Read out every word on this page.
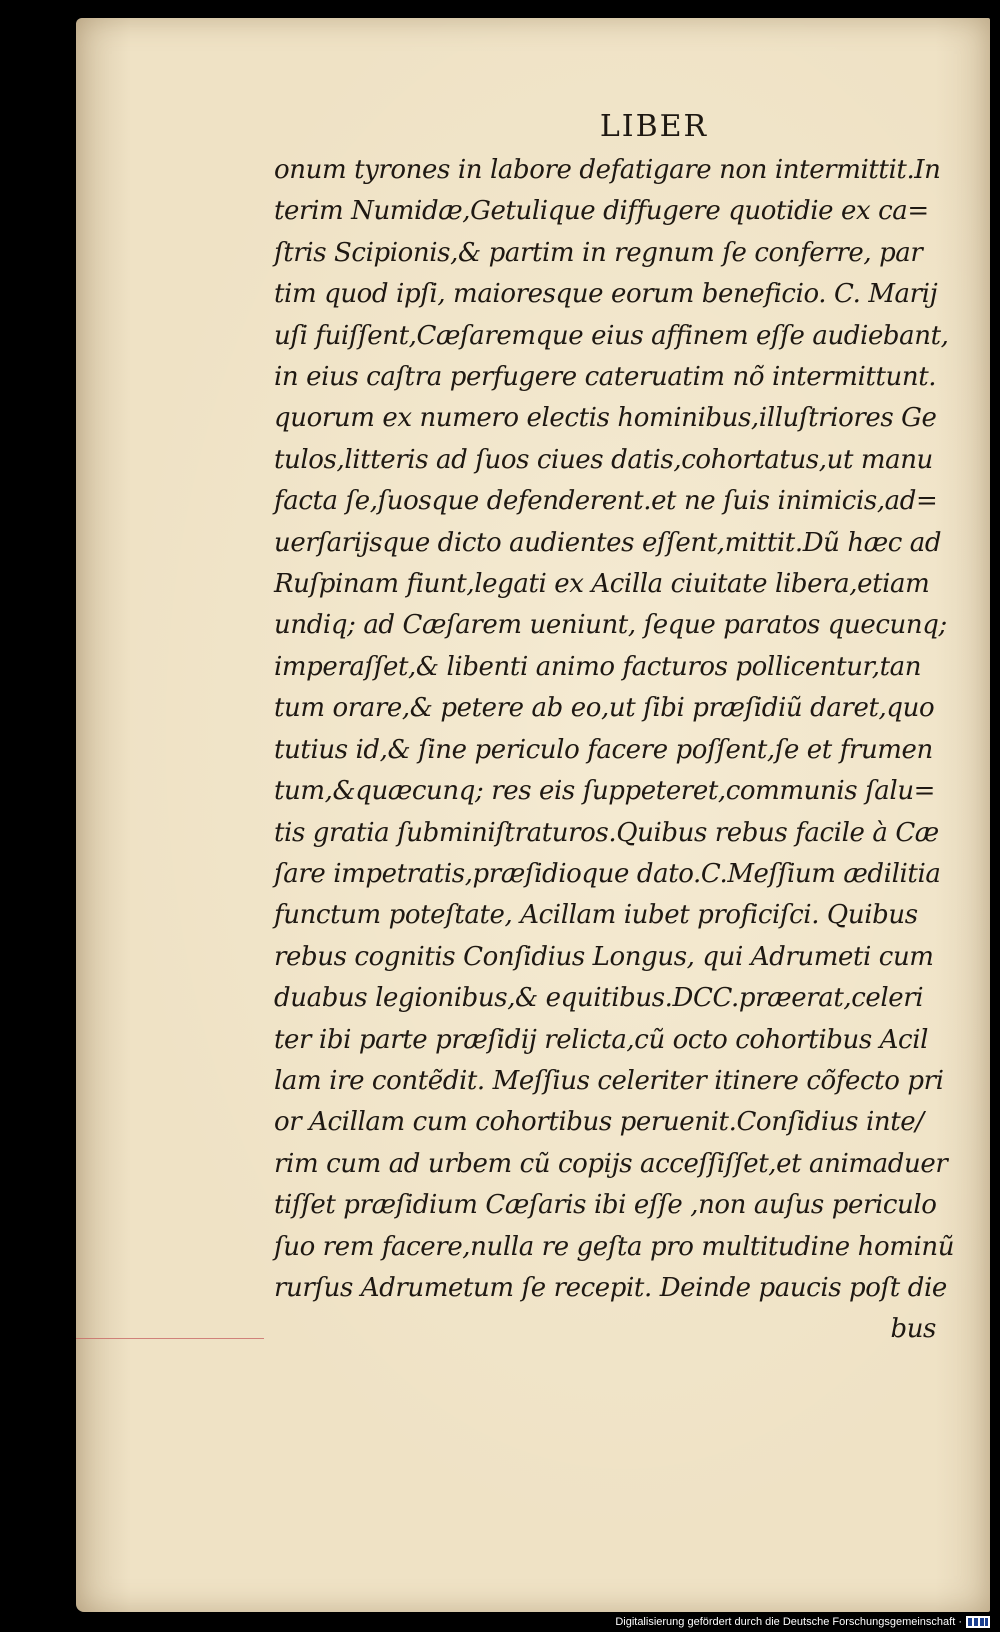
LIBER
onum tyrones in labore defatigare non intermittit.In
terim Numidæ,Getulique diffugere quotidie ex ca=
ſtris Scipionis,& partim in regnum ſe conferre, par
tim quod ipſi, maioresque eorum beneficio. C. Marij
uſi fuiſſent,Cæſaremque eius affinem eſſe audiebant,
in eius caſtra perfugere cateruatim nõ intermittunt.
quorum ex numero electis hominibus,illuſtriores Ge
tulos,litteris ad ſuos ciues datis,cohortatus,ut manu
facta ſe,ſuosque defenderent.et ne ſuis inimicis,ad=
uerſarijsque dicto audientes eſſent,mittit.Dũ hæc ad
Ruſpinam fiunt,legati ex Acilla ciuitate libera,etiam
undiq; ad Cæſarem ueniunt, ſeque paratos quecunq;
imperaſſet,& libenti animo facturos pollicentur,tan
tum orare,& petere ab eo,ut ſibi præſidiũ daret,quo
tutius id,& ſine periculo facere poſſent,ſe et frumen
tum,&quæcunq; res eis ſuppeteret,communis ſalu=
tis gratia ſubminiſtraturos.Quibus rebus facile à Cæ
ſare impetratis,præſidioque dato.C.Meſſium ædilitia
functum poteſtate, Acillam iubet proficiſci. Quibus
rebus cognitis Conſidius Longus, qui Adrumeti cum
duabus legionibus,& equitibus.DCC.præerat,celeri
ter ibi parte præſidij relicta,cũ octo cohortibus Acil
lam ire contẽdit. Meſſius celeriter itinere cõfecto pri
or Acillam cum cohortibus peruenit.Conſidius inte/
rim cum ad urbem cũ copijs acceſſiſſet,et animaduer
tiſſet præſidium Cæſaris ibi eſſe ,non auſus periculo
ſuo rem facere,nulla re geſta pro multitudine hominũ
rurſus Adrumetum ſe recepit. Deinde paucis poſt die
bus
Digitalisierung gefördert durch die Deutsche Forschungsgemeinschaft ·
